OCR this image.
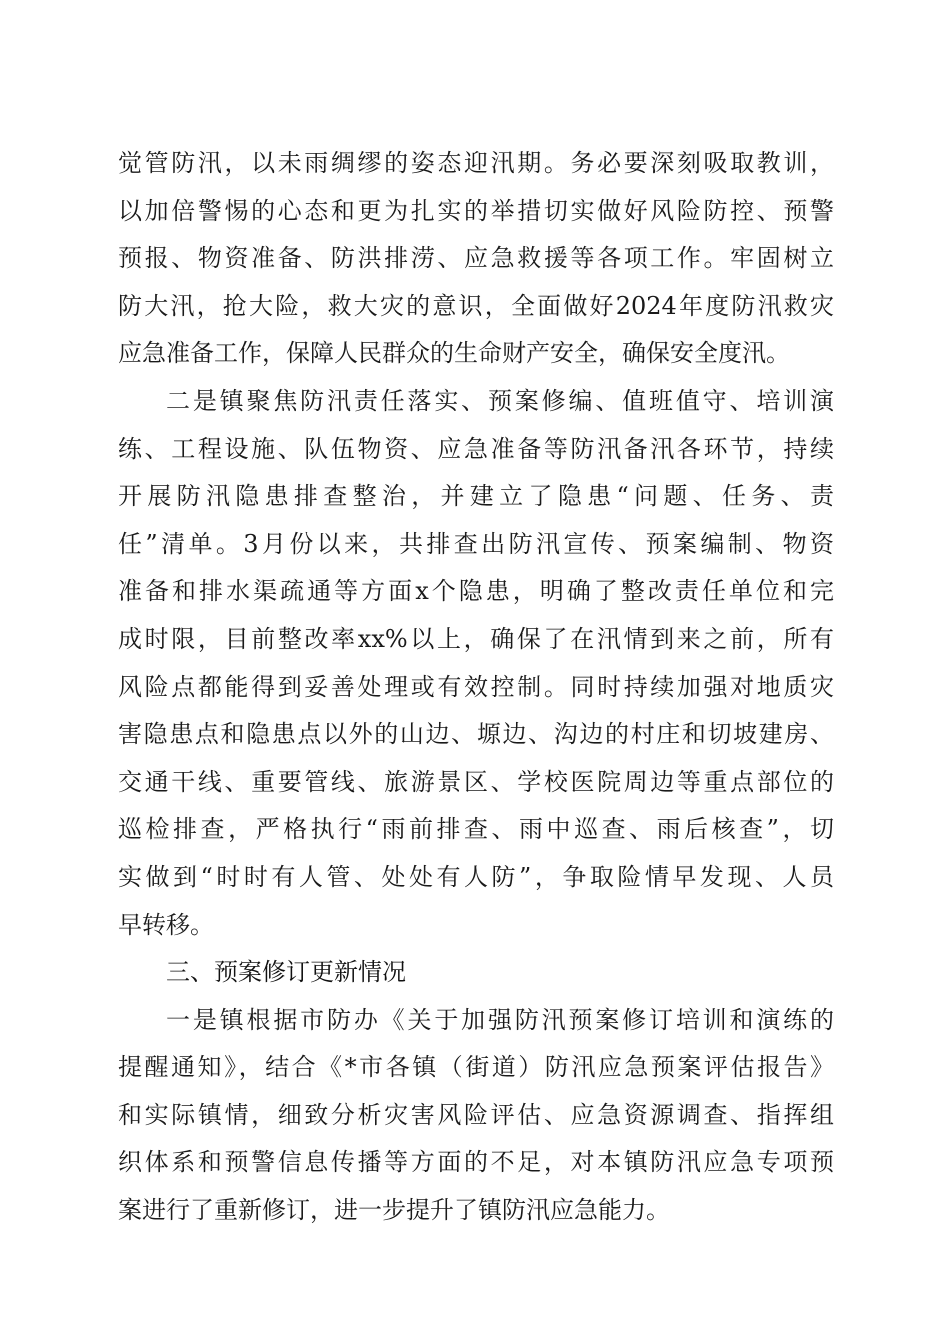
觉管防汛，以未雨绸缪的姿态迎汛期。务必要深刻吸取教训，
以加倍警惕的心态和更为扎实的举措切实做好风险防控、预警
预报、物资准备、防洪排涝、应急救援等各项工作。牢固树立
防大汛，抢大险，救大灾的意识，全面做好2024年度防汛救灾
应急准备工作，保障人民群众的生命财产安全，确保安全度汛。
二是镇聚焦防汛责任落实、预案修编、值班值守、培训演
练、工程设施、队伍物资、应急准备等防汛备汛各环节，持续
开展防汛隐患排查整治，并建立了隐患“问题、任务、责
任”清单。3月份以来，共排查出防汛宣传、预案编制、物资
准备和排水渠疏通等方面x个隐患，明确了整改责任单位和完
成时限，目前整改率xx%以上，确保了在汛情到来之前，所有
风险点都能得到妥善处理或有效控制。同时持续加强对地质灾
害隐患点和隐患点以外的山边、塬边、沟边的村庄和切坡建房、
交通干线、重要管线、旅游景区、学校医院周边等重点部位的
巡检排查，严格执行“雨前排查、雨中巡查、雨后核查”，切
实做到“时时有人管、处处有人防”，争取险情早发现、人员
早转移。
三、预案修订更新情况
一是镇根据市防办《关于加强防汛预案修订培训和演练的
提醒通知》，结合《*市各镇（街道）防汛应急预案评估报告》
和实际镇情，细致分析灾害风险评估、应急资源调查、指挥组
织体系和预警信息传播等方面的不足，对本镇防汛应急专项预
案进行了重新修订，进一步提升了镇防汛应急能力。
